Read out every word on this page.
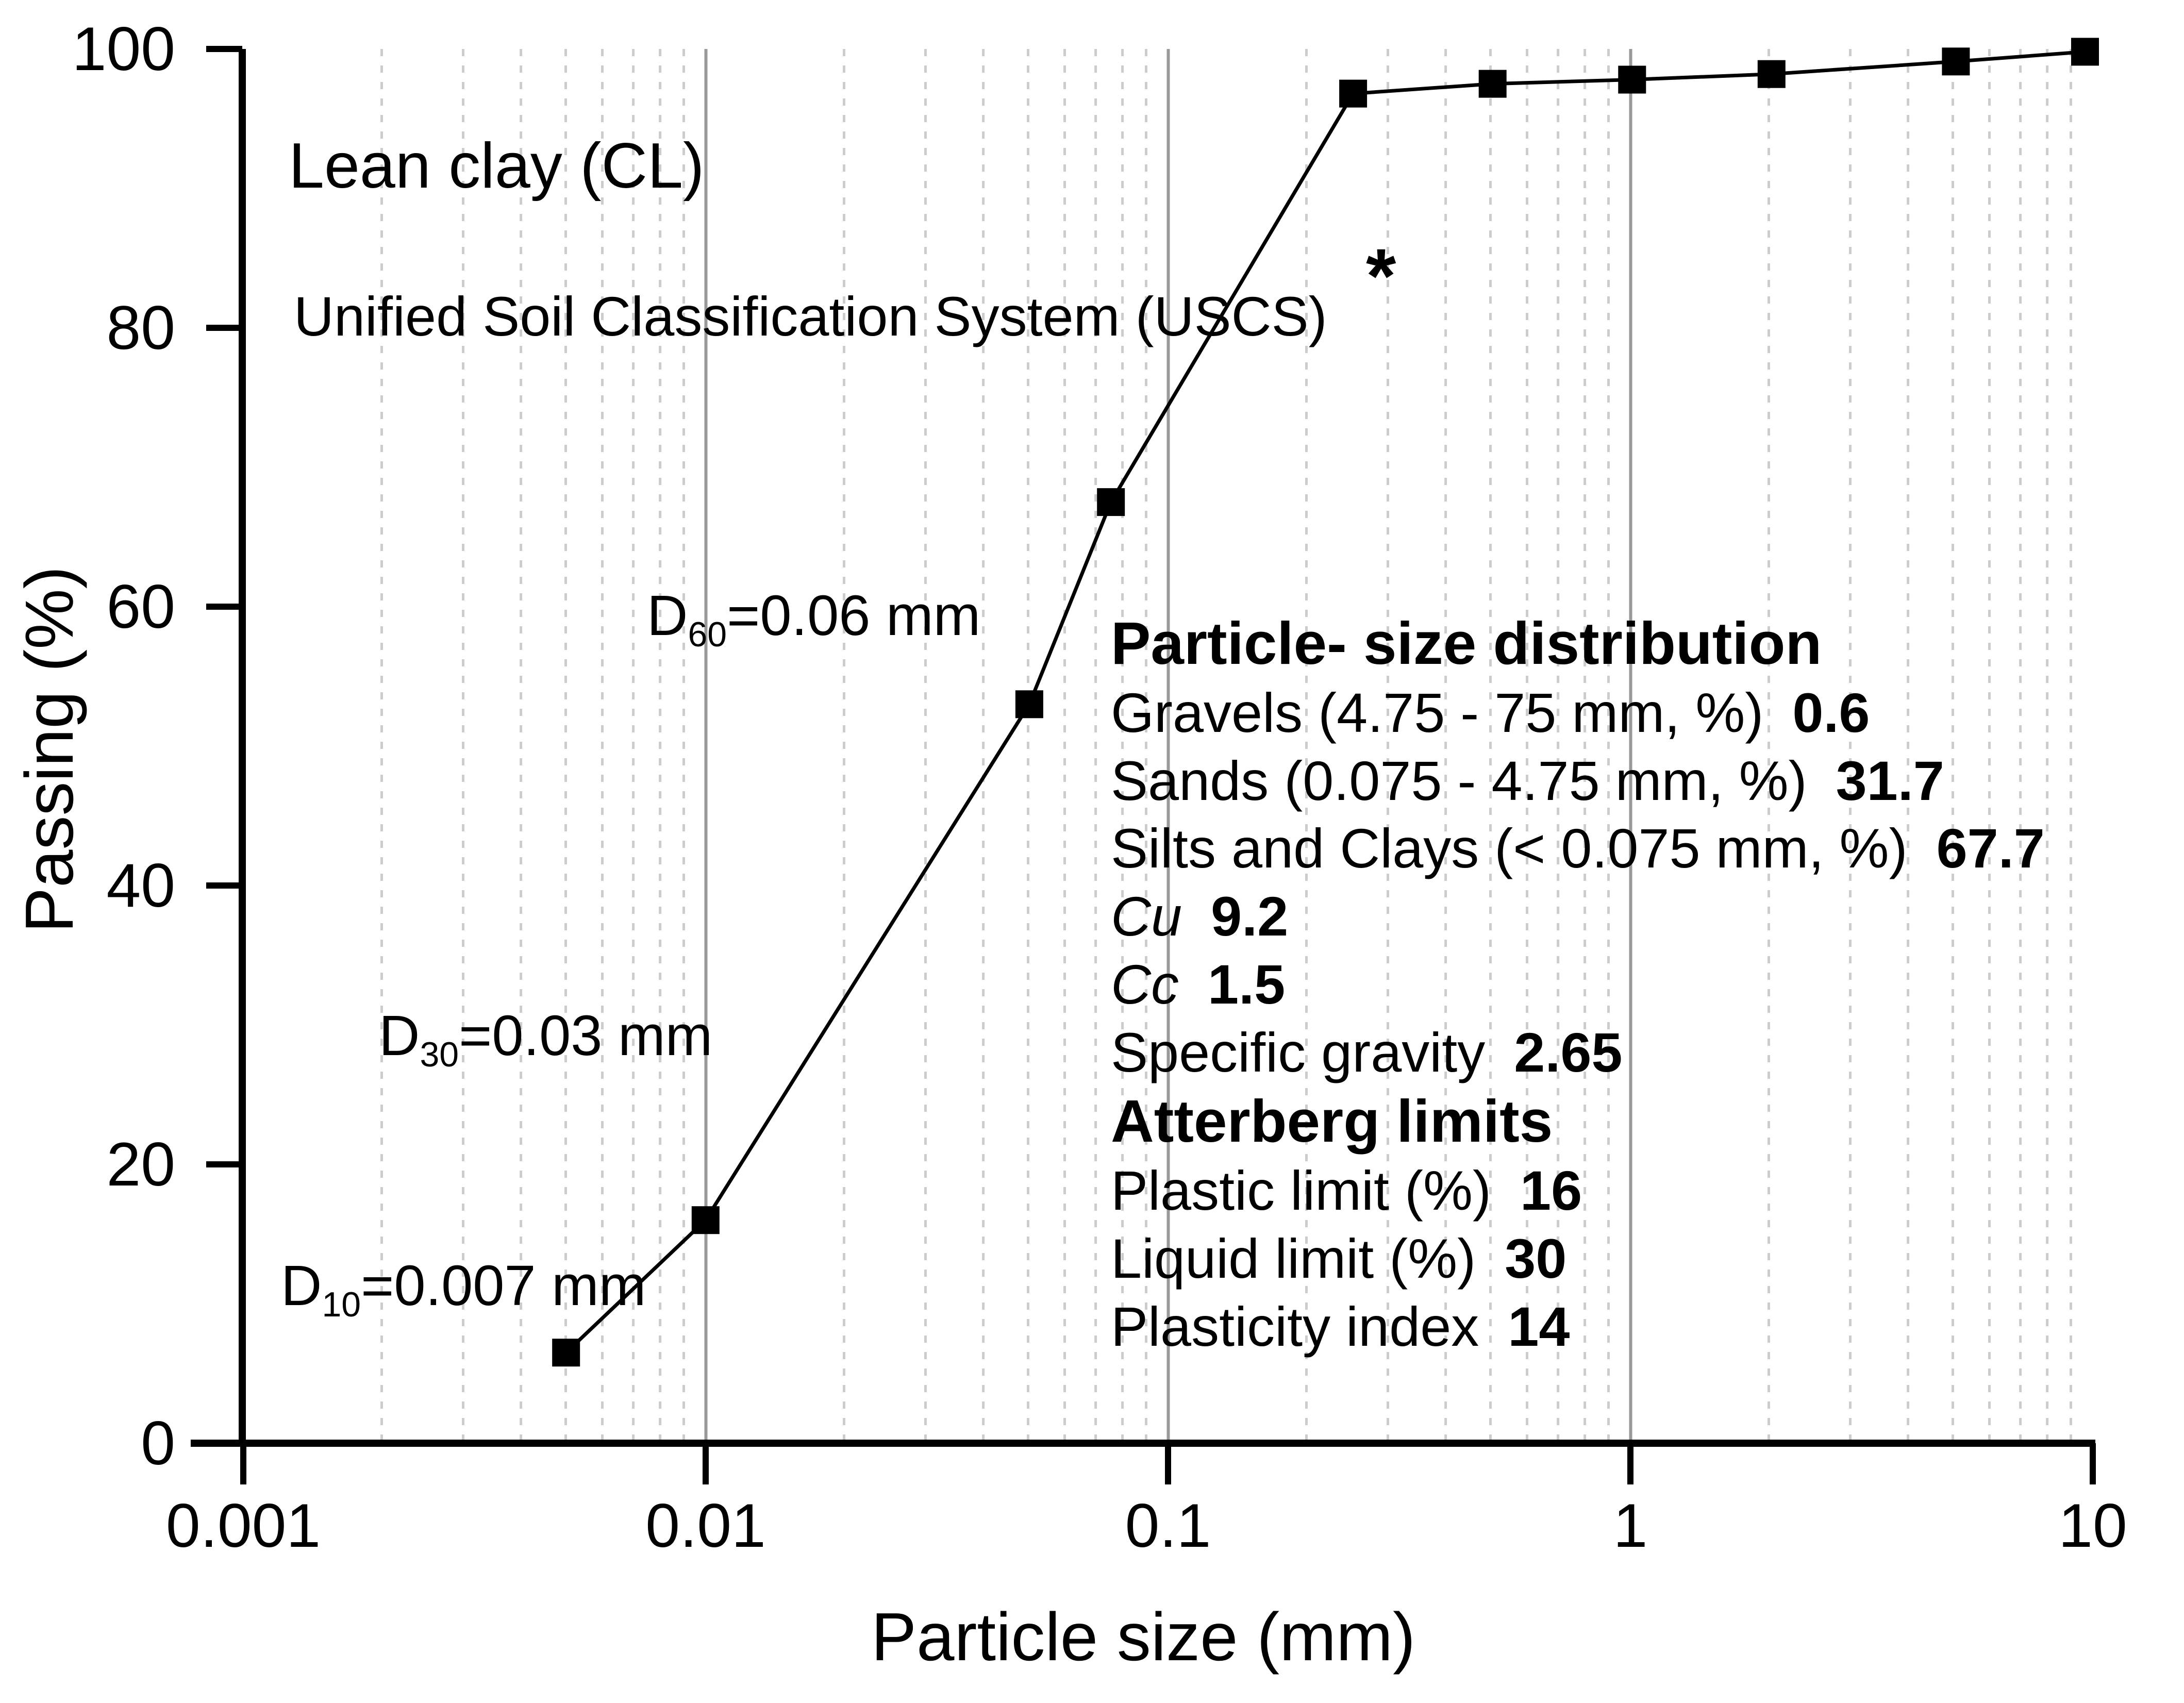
0
20
40
60
80
100
0.001	0.01	0.1	1	10
Particle size (mm)
Passing (%)
Lean clay (CL)
Unified Soil Classification System (USCS) *
$D_{60}=0.06$ mm
$D_{30}=0.03$ mm
$D_{10}=0.007$ mm
Particle- size distribution
Gravels (4.75 - 75 mm, %) 0.6
Sands (0.075 - 4.75 mm, %) 31.7
Silts and Clays (< 0.075 mm, %) 67.7
Cu 9.2
Cc 1.5
Specific gravity 2.65
Atterberg limits
Plastic limit (%) 16
Liquid limit (%) 30
Plasticity index 14
